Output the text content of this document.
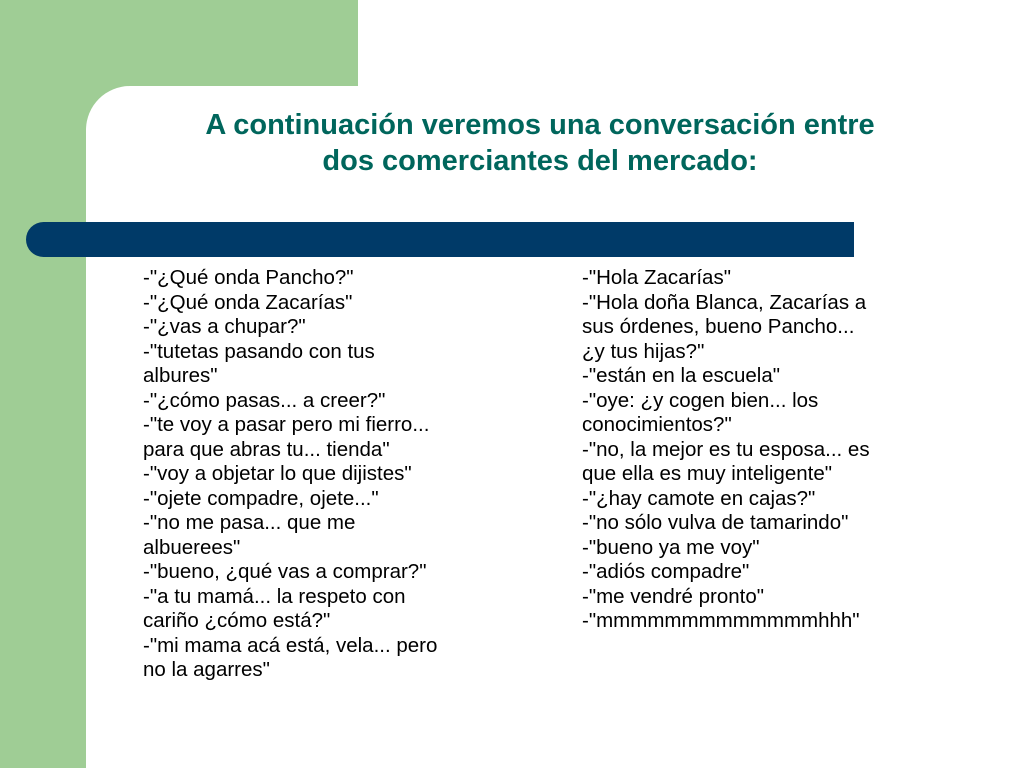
A continuación veremos una conversación entre
dos comerciantes del mercado:
-"¿Qué onda Pancho?"
-"¿Qué onda Zacarías"
-"¿vas a chupar?"
-"tutetas pasando con tus
albures"
-"¿cómo pasas... a creer?"
-"te voy a pasar pero mi fierro...
para que abras tu... tienda"
-"voy a objetar lo que dijistes"
-"ojete compadre, ojete..."
-"no me pasa... que me
albuerees"
-"bueno, ¿qué vas a comprar?"
-"a tu mamá... la respeto con
cariño ¿cómo está?"
-"mi mama acá está, vela... pero
no la agarres"
-"Hola Zacarías"
-"Hola doña Blanca, Zacarías a
sus órdenes, bueno Pancho...
¿y tus hijas?"
-"están en la escuela"
-"oye: ¿y cogen bien... los
conocimientos?"
-"no, la mejor es tu esposa... es
que ella es muy inteligente"
-"¿hay camote en cajas?"
-"no sólo vulva de tamarindo"
-"bueno ya me voy"
-"adiós compadre"
-"me vendré pronto"
-"mmmmmmmmmmmmmhhh"
